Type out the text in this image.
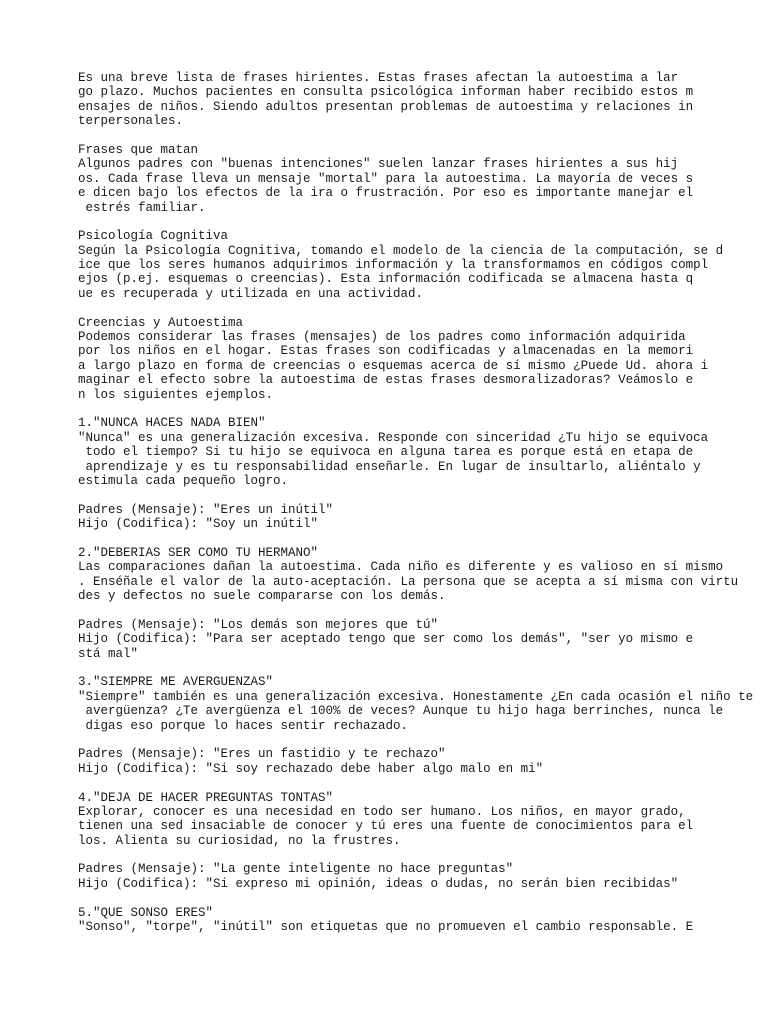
Es una breve lista de frases hirientes. Estas frases afectan la autoestima a lar
go plazo. Muchos pacientes en consulta psicológica informan haber recibido estos m
ensajes de niños. Siendo adultos presentan problemas de autoestima y relaciones in
terpersonales.
Frases que matan
Algunos padres con "buenas intenciones" suelen lanzar frases hirientes a sus hij
os. Cada frase lleva un mensaje "mortal" para la autoestima. La mayoría de veces s
e dicen bajo los efectos de la ira o frustración. Por eso es importante manejar el
estrés familiar.
Psicología Cognitiva
Según la Psicología Cognitiva, tomando el modelo de la ciencia de la computación, se d
ice que los seres humanos adquirimos información y la transformamos en códigos compl
ejos (p.ej. esquemas o creencias). Esta información codificada se almacena hasta q
ue es recuperada y utilizada en una actividad.
Creencias y Autoestima
Podemos considerar las frases (mensajes) de los padres como información adquirida
por los niños en el hogar. Estas frases son codificadas y almacenadas en la memori
a largo plazo en forma de creencias o esquemas acerca de sí mismo ¿Puede Ud. ahora i
maginar el efecto sobre la autoestima de estas frases desmoralizadoras? Veámoslo e
n los siguientes ejemplos.
1."NUNCA HACES NADA BIEN"
"Nunca" es una generalización excesiva. Responde con sinceridad ¿Tu hijo se equivoca
todo el tiempo? Si tu hijo se equivoca en alguna tarea es porque está en etapa de
aprendizaje y es tu responsabilidad enseñarle. En lugar de insultarlo, aliéntalo y
estimula cada pequeño logro.
Padres (Mensaje): "Eres un inútil"
Hijo (Codifica): "Soy un inútil"
2."DEBERIAS SER COMO TU HERMANO"
Las comparaciones dañan la autoestima. Cada niño es diferente y es valioso en sí mismo
. Enséñale el valor de la auto-aceptación. La persona que se acepta a sí misma con virtu
des y defectos no suele compararse con los demás.
Padres (Mensaje): "Los demás son mejores que tú"
Hijo (Codifica): "Para ser aceptado tengo que ser como los demás", "ser yo mismo e
stá mal"
3."SIEMPRE ME AVERGUENZAS"
"Siempre" también es una generalización excesiva. Honestamente ¿En cada ocasión el niño te
avergüenza? ¿Te avergüenza el 100% de veces? Aunque tu hijo haga berrinches, nunca le
digas eso porque lo haces sentir rechazado.
Padres (Mensaje): "Eres un fastidio y te rechazo"
Hijo (Codifica): "Si soy rechazado debe haber algo malo en mi"
4."DEJA DE HACER PREGUNTAS TONTAS"
Explorar, conocer es una necesidad en todo ser humano. Los niños, en mayor grado,
tienen una sed insaciable de conocer y tú eres una fuente de conocimientos para el
los. Alienta su curiosidad, no la frustres.
Padres (Mensaje): "La gente inteligente no hace preguntas"
Hijo (Codifica): "Si expreso mi opinión, ideas o dudas, no serán bien recibidas"
5."QUE SONSO ERES"
"Sonso", "torpe", "inútil" son etiquetas que no promueven el cambio responsable. E
